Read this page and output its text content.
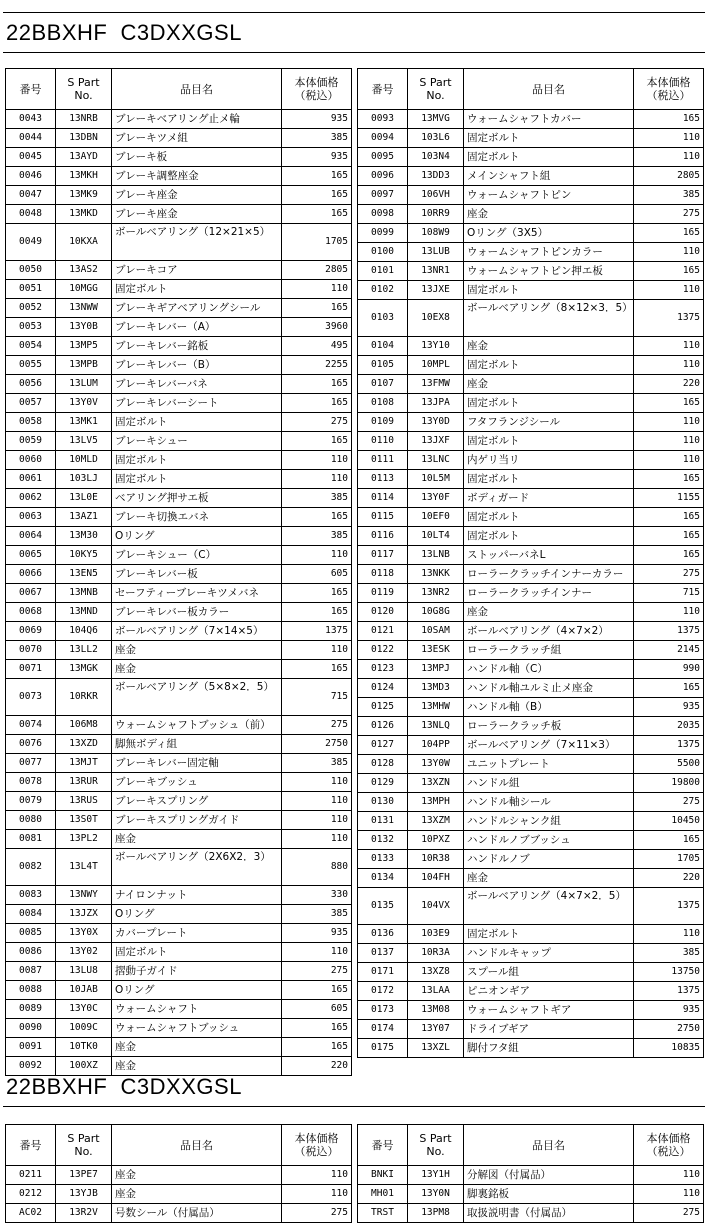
22BBXHF  C3DXXGSL
番号	S Part No.	品目名	本体価格 （税込）
0043	13NRB	ブレーキベアリング止メ輪	935
0044	13DBN	ブレーキツメ組	385
0045	13AYD	ブレーキ板	935
0046	13MKH	ブレーキ調整座金	165
0047	13MK9	ブレーキ座金	165
0048	13MKD	ブレーキ座金	165
0049	10KXA	ボールベアリング（12×21×5）	1705
0050	13AS2	ブレーキコア	2805
0051	10MGG	固定ボルト	110
0052	13NWW	ブレーキギアベアリングシール	165
0053	13Y0B	ブレーキレバー（A）	3960
0054	13MP5	ブレーキレバー銘板	495
0055	13MPB	ブレーキレバー（B）	2255
0056	13LUM	ブレーキレバーバネ	165
0057	13Y0V	ブレーキレバーシート	165
0058	13MK1	固定ボルト	275
0059	13LV5	ブレーキシュー	165
0060	10MLD	固定ボルト	110
0061	103LJ	固定ボルト	110
0062	13L0E	ベアリング押サエ板	385
0063	13AZ1	ブレーキ切換エバネ	165
0064	13M30	Oリング	385
0065	10KY5	ブレーキシュー（C）	110
0066	13EN5	ブレーキレバー板	605
0067	13MNB	セーフティーブレーキツメバネ	165
0068	13MND	ブレーキレバー板カラー	165
0069	104Q6	ボールベアリング（7×14×5）	1375
0070	13LL2	座金	110
0071	13MGK	座金	165
0073	10RKR	ボールベアリング（5×8×2．5）	715
0074	106M8	ウォームシャフトブッシュ（前）	275
0076	13XZD	脚無ボディ組	2750
0077	13MJT	ブレーキレバー固定軸	385
0078	13RUR	ブレーキブッシュ	110
0079	13RUS	ブレーキスプリング	110
0080	13S0T	ブレーキスプリングガイド	110
0081	13PL2	座金	110
0082	13L4T	ボールベアリング（2X6X2．3）	880
0083	13NWY	ナイロンナット	330
0084	13JZX	Oリング	385
0085	13Y0X	カバープレート	935
0086	13Y02	固定ボルト	110
0087	13LU8	摺動子ガイド	275
0088	10JAB	Oリング	165
0089	13Y0C	ウォームシャフト	605
0090	1009C	ウォームシャフトブッシュ	165
0091	10TK0	座金	165
0092	100XZ	座金	220
番号	S Part No.	品目名	本体価格 （税込）
0093	13MVG	ウォームシャフトカバー	165
0094	103L6	固定ボルト	110
0095	103N4	固定ボルト	110
0096	13DD3	メインシャフト組	2805
0097	106VH	ウォームシャフトピン	385
0098	10RR9	座金	275
0099	108W9	Oリング（3X5）	165
0100	13LUB	ウォームシャフトピンカラー	110
0101	13NR1	ウォームシャフトピン押エ板	165
0102	13JXE	固定ボルト	110
0103	10EX8	ボールベアリング（8×12×3．5）	1375
0104	13Y10	座金	110
0105	10MPL	固定ボルト	110
0107	13FMW	座金	220
0108	13JPA	固定ボルト	165
0109	13Y0D	フタフランジシール	110
0110	13JXF	固定ボルト	110
0111	13LNC	内ゲリ当リ	110
0113	10L5M	固定ボルト	165
0114	13Y0F	ボディガード	1155
0115	10EF0	固定ボルト	165
0116	10LT4	固定ボルト	165
0117	13LNB	ストッパーバネL	165
0118	13NKK	ローラークラッチインナーカラー	275
0119	13NR2	ローラークラッチインナー	715
0120	10G8G	座金	110
0121	10SAM	ボールベアリング（4×7×2）	1375
0122	13ESK	ローラークラッチ組	2145
0123	13MPJ	ハンドル軸（C）	990
0124	13MD3	ハンドル軸ユルミ止メ座金	165
0125	13MHW	ハンドル軸（B）	935
0126	13NLQ	ローラークラッチ板	2035
0127	104PP	ボールベアリング（7×11×3）	1375
0128	13Y0W	ユニットプレート	5500
0129	13XZN	ハンドル組	19800
0130	13MPH	ハンドル軸シール	275
0131	13XZM	ハンドルシャンク組	10450
0132	10PXZ	ハンドルノブブッシュ	165
0133	10R38	ハンドルノブ	1705
0134	104FH	座金	220
0135	104VX	ボールベアリング（4×7×2．5）	1375
0136	103E9	固定ボルト	110
0137	10R3A	ハンドルキャップ	385
0171	13XZ8	スプール組	13750
0172	13LAA	ピニオンギア	1375
0173	13M08	ウォームシャフトギア	935
0174	13Y07	ドライブギア	2750
0175	13XZL	脚付フタ組	10835
22BBXHF  C3DXXGSL
番号	S Part No.	品目名	本体価格 （税込）
0211	13PE7	座金	110
0212	13YJB	座金	110
AC02	13R2V	号数シール（付属品）	275
番号	S Part No.	品目名	本体価格 （税込）
BNKI	13Y1H	分解図（付属品）	110
MH01	13Y0N	脚裏銘板	110
TRST	13PM8	取扱説明書（付属品）	275
